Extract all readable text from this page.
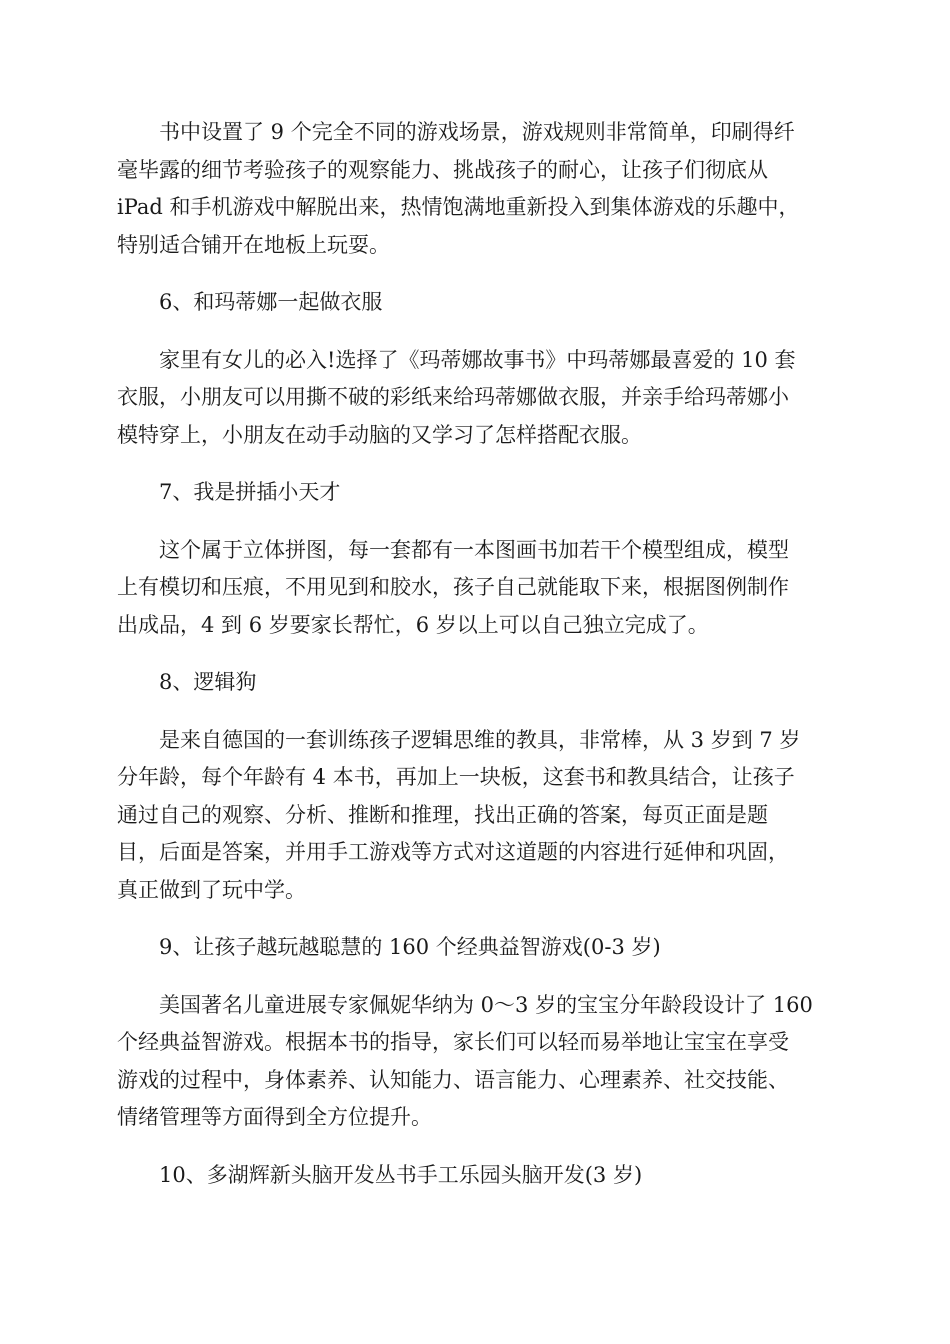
书中设置了 9 个完全不同的游戏场景，游戏规则非常简单，印刷得纤
毫毕露的细节考验孩子的观察能力、挑战孩子的耐心，让孩子们彻底从
iPad 和手机游戏中解脱出来，热情饱满地重新投入到集体游戏的乐趣中，
特别适合铺开在地板上玩耍。

6、和玛蒂娜一起做衣服

家里有女儿的必入!选择了《玛蒂娜故事书》中玛蒂娜最喜爱的 10 套
衣服，小朋友可以用撕不破的彩纸来给玛蒂娜做衣服，并亲手给玛蒂娜小
模特穿上，小朋友在动手动脑的又学习了怎样搭配衣服。

7、我是拼插小天才

这个属于立体拼图，每一套都有一本图画书加若干个模型组成，模型
上有模切和压痕，不用见到和胶水，孩子自己就能取下来，根据图例制作
出成品，4 到 6 岁要家长帮忙，6 岁以上可以自己独立完成了。

8、逻辑狗

是来自德国的一套训练孩子逻辑思维的教具，非常棒，从 3 岁到 7 岁
分年龄，每个年龄有 4 本书，再加上一块板，这套书和教具结合，让孩子
通过自己的观察、分析、推断和推理，找出正确的答案，每页正面是题
目，后面是答案，并用手工游戏等方式对这道题的内容进行延伸和巩固，
真正做到了玩中学。

9、让孩子越玩越聪慧的 160 个经典益智游戏(0-3 岁)

美国著名儿童进展专家佩妮华纳为 0～3 岁的宝宝分年龄段设计了 160
个经典益智游戏。根据本书的指导，家长们可以轻而易举地让宝宝在享受
游戏的过程中，身体素养、认知能力、语言能力、心理素养、社交技能、
情绪管理等方面得到全方位提升。

10、多湖辉新头脑开发丛书手工乐园头脑开发(3 岁)
